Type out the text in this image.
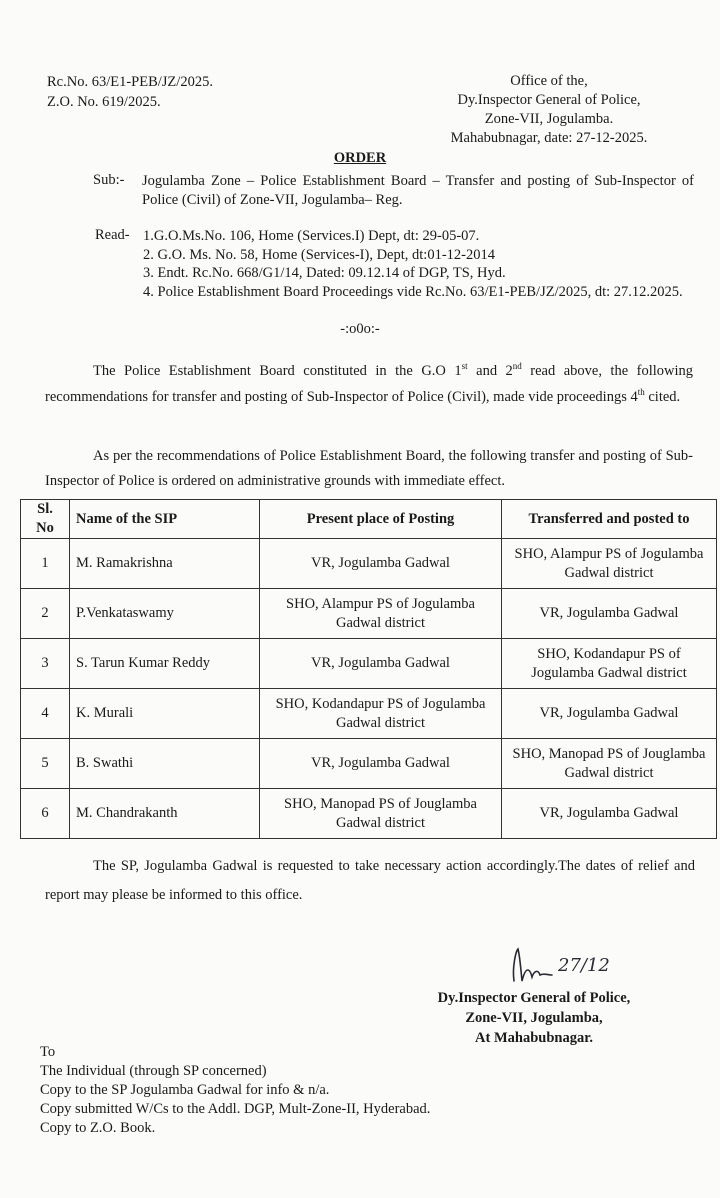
Rc.No. 63/E1-PEB/JZ/2025.
Z.O. No. 619/2025.
Office of the,
Dy.Inspector General of Police,
Zone-VII, Jogulamba.
Mahabubnagar, date: 27-12-2025.
ORDER
Sub:- Jogulamba Zone – Police Establishment Board – Transfer and posting of Sub-Inspector of Police (Civil) of Zone-VII, Jogulamba– Reg.
Read- 1.G.O.Ms.No. 106, Home (Services.I) Dept, dt: 29-05-07.
2. G.O. Ms. No. 58, Home (Services-I), Dept, dt:01-12-2014
3. Endt. Rc.No. 668/G1/14, Dated: 09.12.14 of DGP, TS, Hyd.
4. Police Establishment Board Proceedings vide Rc.No. 63/E1-PEB/JZ/2025, dt: 27.12.2025.
-:o0o:-
The Police Establishment Board constituted in the G.O 1st and 2nd read above, the following recommendations for transfer and posting of Sub-Inspector of Police (Civil), made vide proceedings 4th cited.
As per the recommendations of Police Establishment Board, the following transfer and posting of Sub-Inspector of Police is ordered on administrative grounds with immediate effect.
Sl. No	Name of the SIP	Present place of Posting	Transferred and posted to
1	M. Ramakrishna	VR, Jogulamba Gadwal	SHO, Alampur PS of Jogulamba Gadwal district
2	P.Venkataswamy	SHO, Alampur PS of Jogulamba Gadwal district	VR, Jogulamba Gadwal
3	S. Tarun Kumar Reddy	VR, Jogulamba Gadwal	SHO, Kodandapur PS of Jogulamba Gadwal district
4	K. Murali	SHO, Kodandapur PS of Jogulamba Gadwal district	VR, Jogulamba Gadwal
5	B. Swathi	VR, Jogulamba Gadwal	SHO, Manopad PS of Jouglamba Gadwal district
6	M. Chandrakanth	SHO, Manopad PS of Jouglamba Gadwal district	VR, Jogulamba Gadwal
The SP, Jogulamba Gadwal is requested to take necessary action accordingly.The dates of relief and report may please be informed to this office.
27/12
Dy.Inspector General of Police,
Zone-VII, Jogulamba,
At Mahabubnagar.
To
The Individual (through SP concerned)
Copy to the SP Jogulamba Gadwal for info & n/a.
Copy submitted W/Cs to the Addl. DGP, Mult-Zone-II, Hyderabad.
Copy to Z.O. Book.
